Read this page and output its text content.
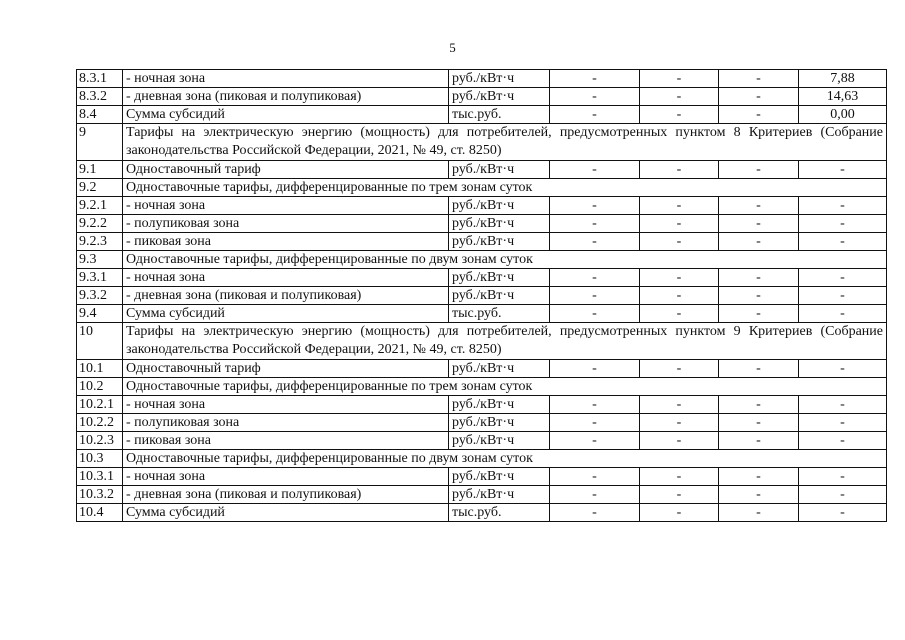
5
8.3.1	- ночная зона	руб./кВт·ч	-	-	-	7,88
8.3.2	- дневная зона (пиковая и полупиковая)	руб./кВт·ч	-	-	-	14,63
8.4	Сумма субсидий	тыс.руб.	-	-	-	0,00
9	Тарифы на электрическую энергию (мощность) для потребителей, предусмотренных пунктом 8 Критериев (Собрание законодательства Российской Федерации, 2021, № 49, ст. 8250)					
9.1	Одноставочный тариф	руб./кВт·ч	-	-	-	-
9.2	Одноставочные тарифы, дифференцированные по трем зонам суток					
9.2.1	- ночная зона	руб./кВт·ч	-	-	-	-
9.2.2	- полупиковая зона	руб./кВт·ч	-	-	-	-
9.2.3	- пиковая зона	руб./кВт·ч	-	-	-	-
9.3	Одноставочные тарифы, дифференцированные по двум зонам суток					
9.3.1	- ночная зона	руб./кВт·ч	-	-	-	-
9.3.2	- дневная зона (пиковая и полупиковая)	руб./кВт·ч	-	-	-	-
9.4	Сумма субсидий	тыс.руб.	-	-	-	-
10	Тарифы на электрическую энергию (мощность) для потребителей, предусмотренных пунктом 9 Критериев (Собрание законодательства Российской Федерации, 2021, № 49, ст. 8250)					
10.1	Одноставочный тариф	руб./кВт·ч	-	-	-	-
10.2	Одноставочные тарифы, дифференцированные по трем зонам суток					
10.2.1	- ночная зона	руб./кВт·ч	-	-	-	-
10.2.2	- полупиковая зона	руб./кВт·ч	-	-	-	-
10.2.3	- пиковая зона	руб./кВт·ч	-	-	-	-
10.3	Одноставочные тарифы, дифференцированные по двум зонам суток					
10.3.1	- ночная зона	руб./кВт·ч	-	-	-	-
10.3.2	- дневная зона (пиковая и полупиковая)	руб./кВт·ч	-	-	-	-
10.4	Сумма субсидий	тыс.руб.	-	-	-	-
